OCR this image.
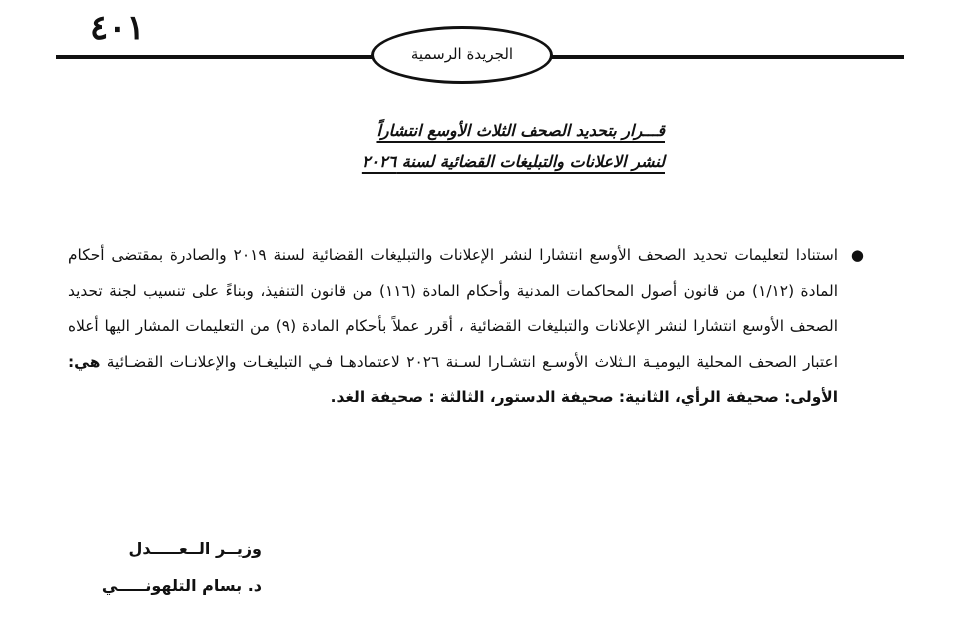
٤٠١
الجريدة الرسمية
قـــرار بتحديد الصحف الثلاث الأوسع انتشاراً
لنشر الاعلانات والتبليغات القضائية لسنة ٢٠٢٦
●
استنادا لتعليمات تحديد الصحف الأوسع انتشارا لنشر الإعلانات والتبليغات القضائية لسنة ٢٠١٩ والصادرة بمقتضى أحكام المادة (١/١٢) من قانون أصول المحاكمات المدنية وأحكام المادة (١١٦) من قانون التنفيذ، وبناءً على تنسيب لجنة تحديد الصحف الأوسع انتشارا لنشر الإعلانات والتبليغات القضائية ، أقرر عملاً بأحكام المادة (٩) من التعليمات المشار اليها أعلاه اعتبار الصحف المحلية اليوميـة الـثلاث الأوسـع انتشـارا لسـنة ٢٠٢٦ لاعتمادهـا فـي التبليغـات والإعلانـات القضـائية هي: الأولى: صحيفة الرأي، الثانية: صحيفة الدستور، الثالثة : صحيفة الغد.
وزيــر الــعـــــدل
د. بسام التلهونـــــي
